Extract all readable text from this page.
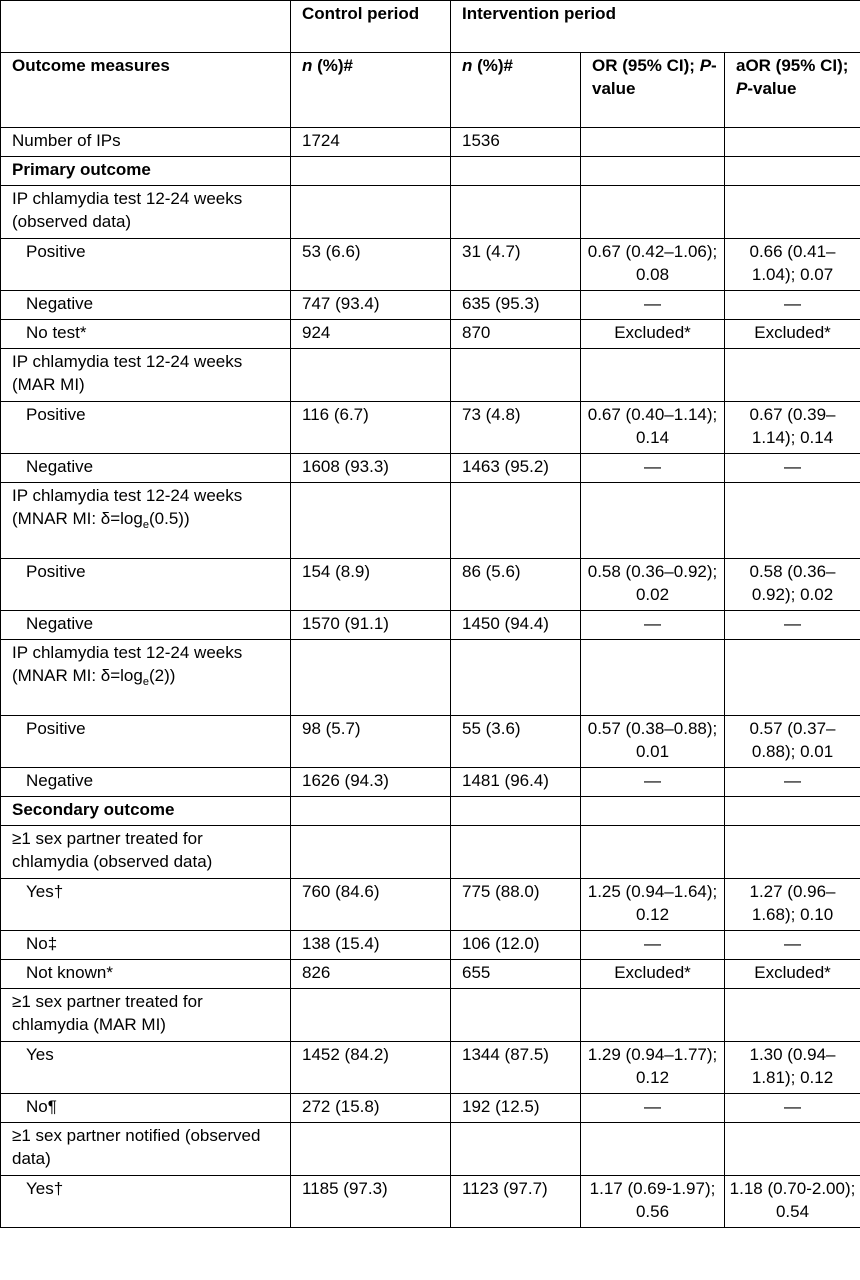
	Control period	Intervention period		
Outcome measures	n (%)#	n (%)#	OR (95% CI); P-value	aOR (95% CI); P-value
Number of IPs	1724	1536		
Primary outcome				
IP chlamydia test 12-24 weeks (observed data)				
Positive	53 (6.6)	31 (4.7)	0.67 (0.42–1.06); 0.08	0.66 (0.41–1.04); 0.07
Negative	747 (93.4)	635 (95.3)	—	—
No test*	924	870	Excluded*	Excluded*
IP chlamydia test 12-24 weeks (MAR MI)				
Positive	116 (6.7)	73 (4.8)	0.67 (0.40–1.14); 0.14	0.67 (0.39–1.14); 0.14
Negative	1608 (93.3)	1463 (95.2)	—	—
IP chlamydia test 12-24 weeks (MNAR MI: $\delta=\log_e(0.5)$)				
Positive	154 (8.9)	86 (5.6)	0.58 (0.36–0.92); 0.02	0.58 (0.36–0.92); 0.02
Negative	1570 (91.1)	1450 (94.4)	—	—
IP chlamydia test 12-24 weeks (MNAR MI: $\delta=\log_e(2)$)				
Positive	98 (5.7)	55 (3.6)	0.57 (0.38–0.88); 0.01	0.57 (0.37–0.88); 0.01
Negative	1626 (94.3)	1481 (96.4)	—	—
Secondary outcome				
≥1 sex partner treated for chlamydia (observed data)				
Yes†	760 (84.6)	775 (88.0)	1.25 (0.94–1.64); 0.12	1.27 (0.96–1.68); 0.10
No‡	138 (15.4)	106 (12.0)	—	—
Not known*	826	655	Excluded*	Excluded*
≥1 sex partner treated for chlamydia (MAR MI)				
Yes	1452 (84.2)	1344 (87.5)	1.29 (0.94–1.77); 0.12	1.30 (0.94–1.81); 0.12
No¶	272 (15.8)	192 (12.5)	—	—
≥1 sex partner notified (observed data)				
Yes†	1185 (97.3)	1123 (97.7)	1.17 (0.69-1.97); 0.56	1.18 (0.70-2.00); 0.54
